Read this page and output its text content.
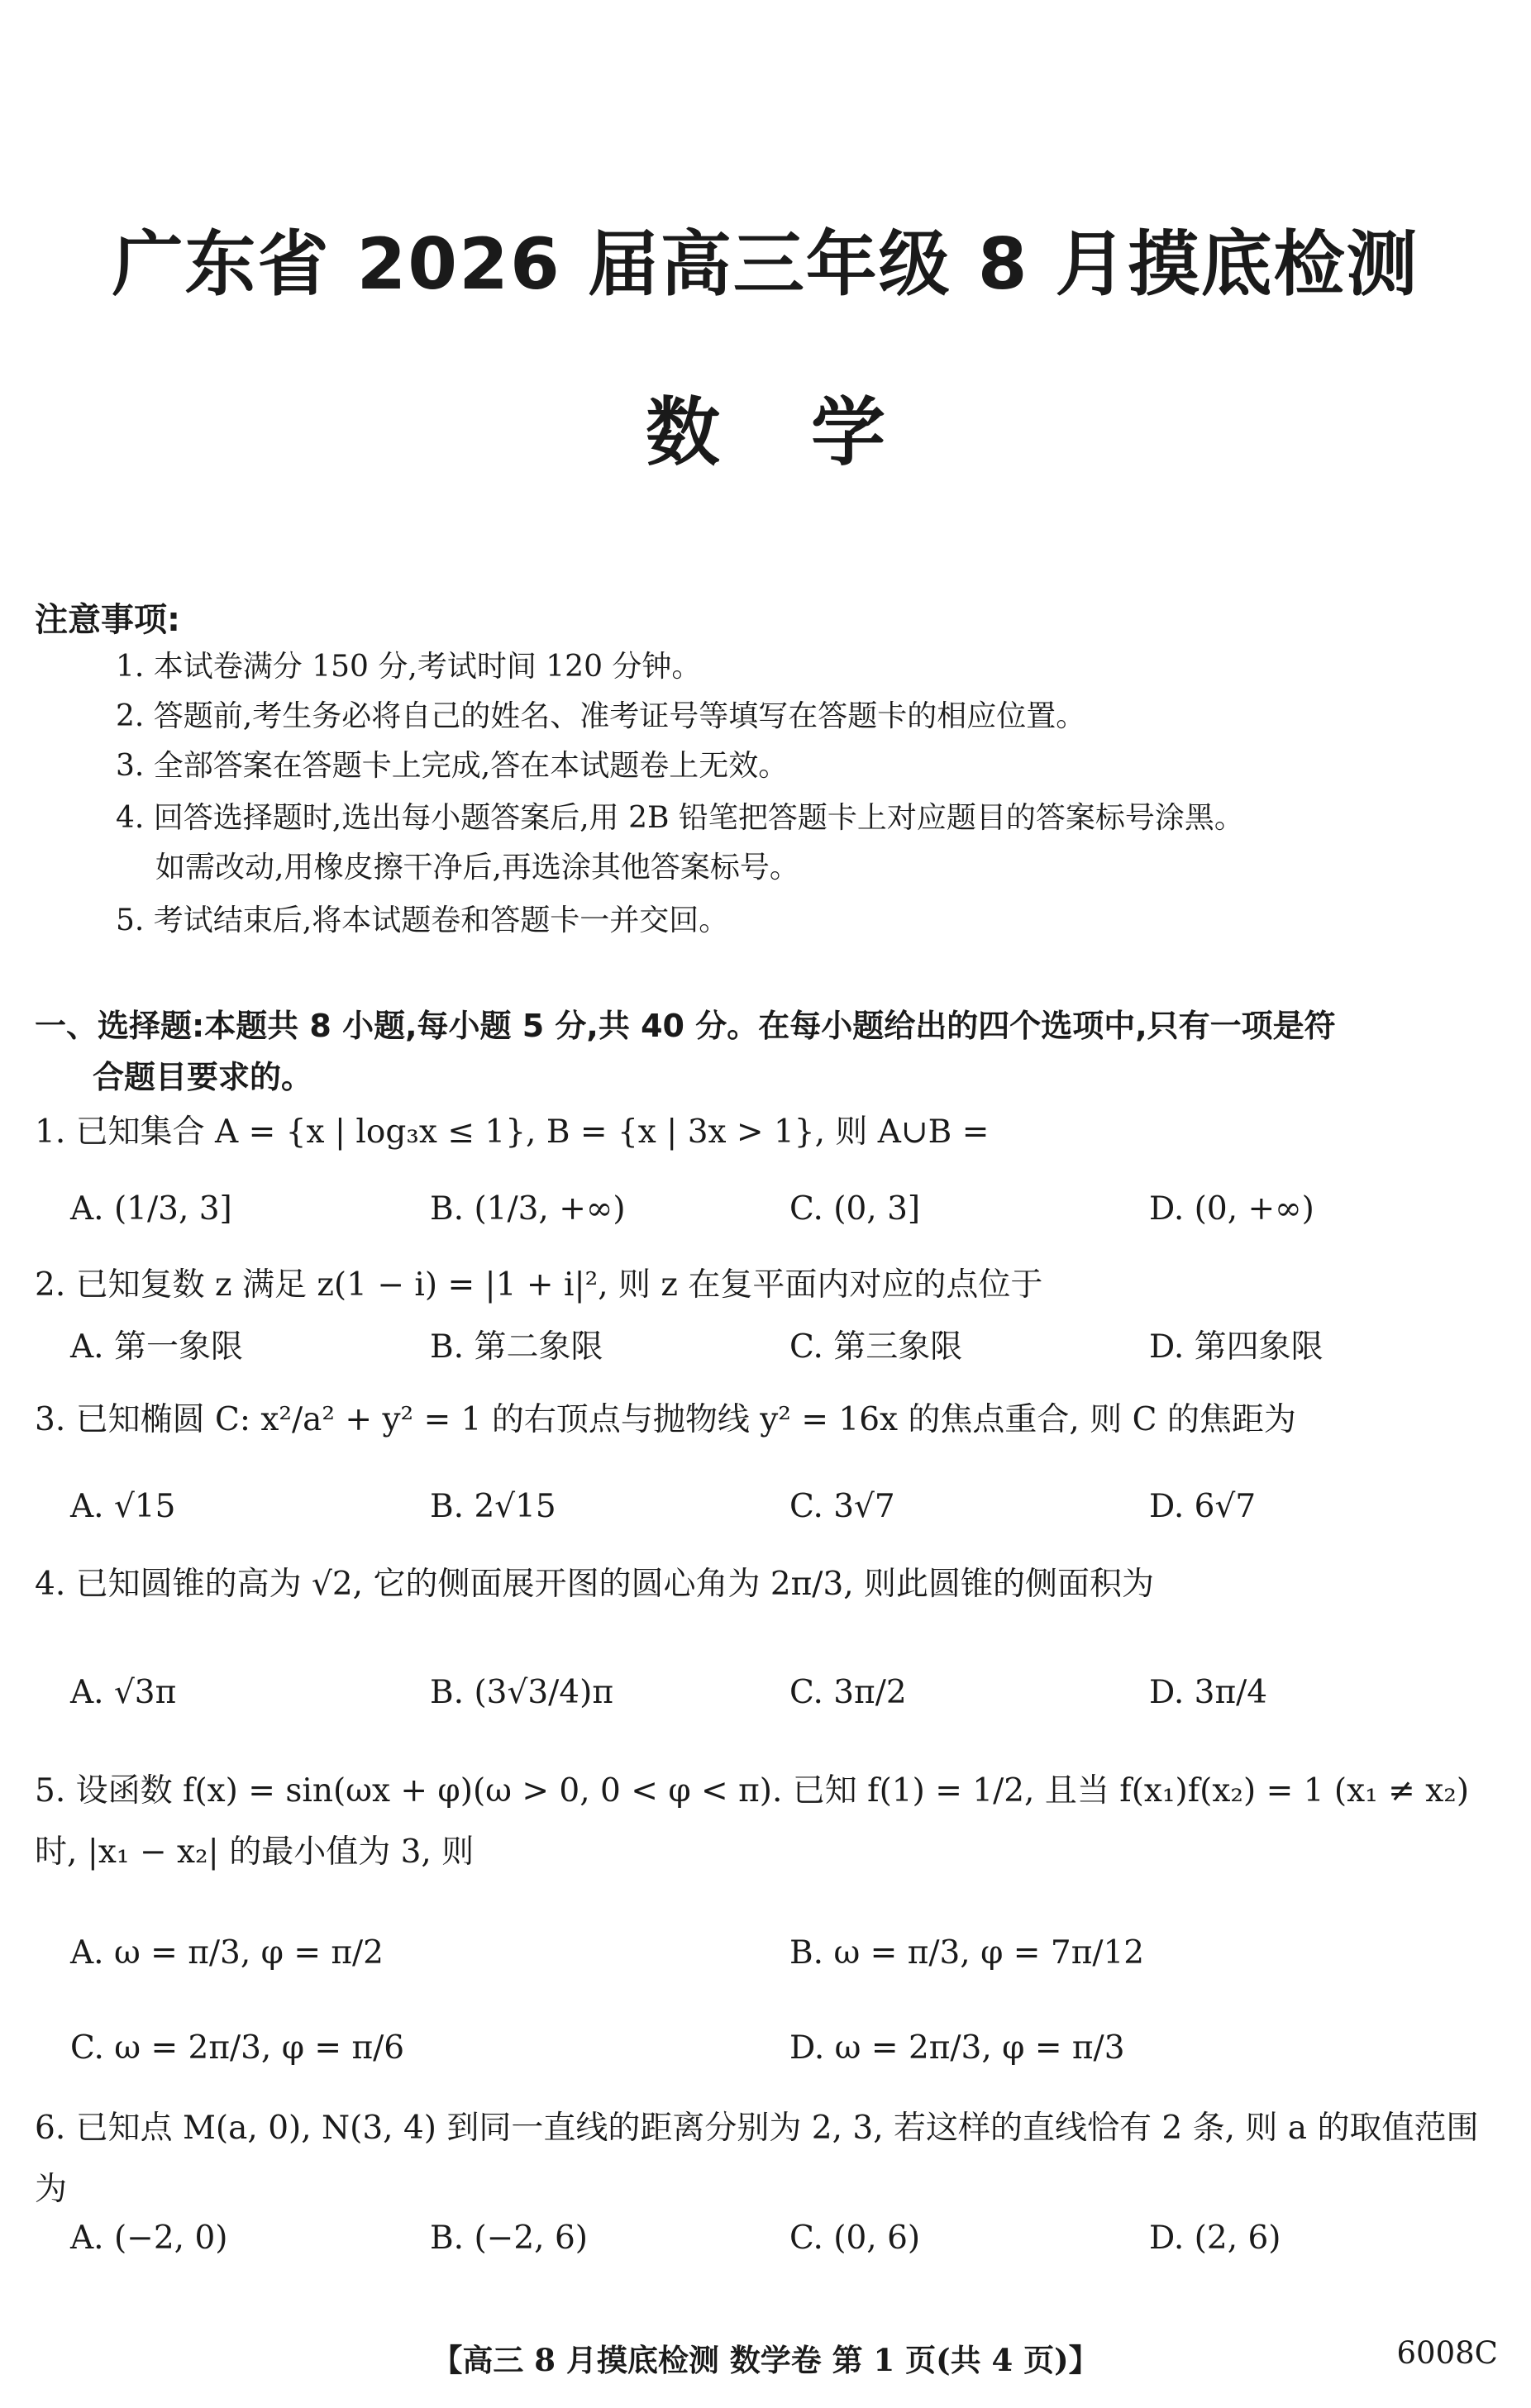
广东省 2026 届高三年级 8 月摸底检测
数学
注意事项:
1. 本试卷满分 150 分,考试时间 120 分钟。
2. 答题前,考生务必将自己的姓名、准考证号等填写在答题卡的相应位置。
3. 全部答案在答题卡上完成,答在本试题卷上无效。
4. 回答选择题时,选出每小题答案后,用 2B 铅笔把答题卡上对应题目的答案标号涂黑。
如需改动,用橡皮擦干净后,再选涂其他答案标号。
5. 考试结束后,将本试题卷和答题卡一并交回。
一、选择题:本题共 8 小题,每小题 5 分,共 40 分。在每小题给出的四个选项中,只有一项是符
合题目要求的。
1. 已知集合 A = {x | log₃x ≤ 1}, B = {x | 3x > 1}, 则 A∪B =
A. (1/3, 3]	B. (1/3, +∞)	C. (0, 3]	D. (0, +∞)
2. 已知复数 z 满足 z(1 − i) = |1 + i|², 则 z 在复平面内对应的点位于
A. 第一象限	B. 第二象限	C. 第三象限	D. 第四象限
3. 已知椭圆 C: x²/a² + y² = 1 的右顶点与抛物线 y² = 16x 的焦点重合, 则 C 的焦距为
A. √15	B. 2√15	C. 3√7	D. 6√7
4. 已知圆锥的高为 √2, 它的侧面展开图的圆心角为 2π/3, 则此圆锥的侧面积为
A. √3π	B. (3√3/4)π	C. 3π/2	D. 3π/4
5. 设函数 f(x) = sin(ωx + φ)(ω > 0, 0 < φ < π). 已知 f(1) = 1/2, 且当 f(x₁)f(x₂) = 1 (x₁ ≠ x₂) 时, |x₁ − x₂| 的最小值为 3, 则
A. ω = π/3, φ = π/2	B. ω = π/3, φ = 7π/12
C. ω = 2π/3, φ = π/6	D. ω = 2π/3, φ = π/3
6. 已知点 M(a, 0), N(3, 4) 到同一直线的距离分别为 2, 3, 若这样的直线恰有 2 条, 则 a 的取值范围为
A. (−2, 0)	B. (−2, 6)	C. (0, 6)	D. (2, 6)
【高三 8 月摸底检测 数学卷 第 1 页(共 4 页)】	6008C
